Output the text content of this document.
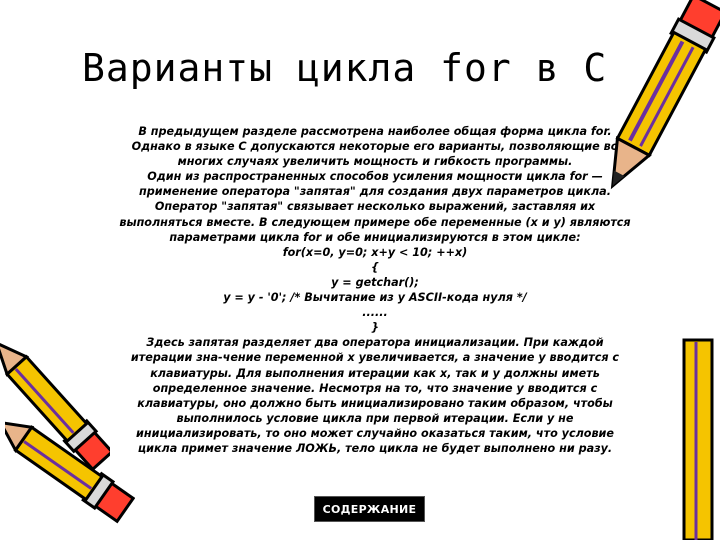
Варианты цикла for в C

В предыдущем разделе рассмотрена наиболее общая форма цикла for. Однако в языке C допускаются некоторые его варианты, позволяющие во многих случаях увеличить мощность и гибкость программы.

Один из распространенных способов усиления мощности цикла for — применение оператора "запятая" для создания двух параметров цикла. Оператор "запятая" связывает несколько выражений, заставляя их выполняться вместе. В следующем примере обе переменные (x и y) являются параметрами цикла for и обе инициализируются в этом цикле:

for(x=0, y=0; x+y < 10; ++x)

{

y = getchar();

y = y - '0'; /* Вычитание из y ASCII-кода нуля */

......

}

Здесь запятая разделяет два оператора инициализации. При каждой итерации зна-чение переменной x увеличивается, а значение y вводится с клавиатуры. Для выполнения итерации как x, так и y должны иметь определенное значение. Несмотря на то, что значение y вводится с клавиатуры, оно должно быть инициализировано таким образом, чтобы выполнилось условие цикла при первой итерации. Если y не инициализировать, то оно может случайно оказаться таким, что условие цикла примет значение ЛОЖЬ, тело цикла не будет выполнено ни разу.

СОДЕРЖАНИЕ
